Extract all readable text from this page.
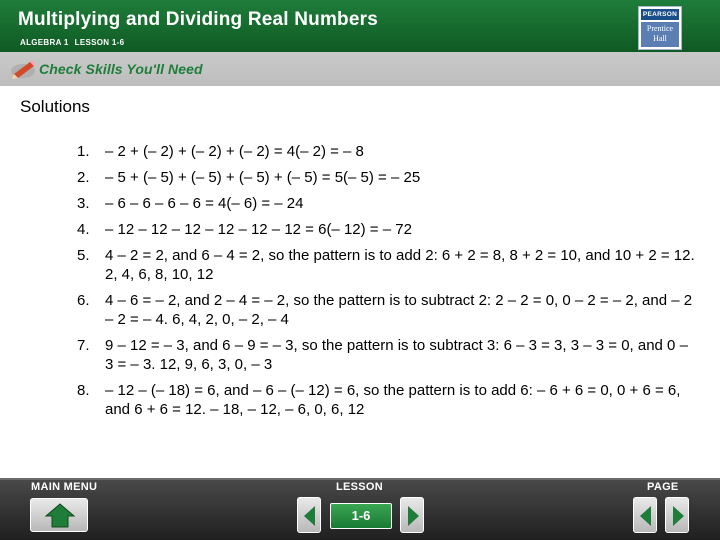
Multiplying and Dividing Real Numbers
ALGEBRA 1 LESSON 1-6
PEARSON
Prentice
Hall
Check Skills You'll Need
Solutions
1.	– 2 + (– 2) + (– 2) + (– 2) = 4(– 2) = – 8
2.	– 5 + (– 5) + (– 5) + (– 5) + (– 5) = 5(– 5) = – 25
3.	– 6 – 6 – 6 – 6 = 4(– 6) = – 24
4.	– 12 – 12 – 12 – 12 – 12 – 12 = 6(– 12) = – 72
5.	4 – 2 = 2, and 6 – 4 = 2, so the pattern is to add 2: 6 + 2 = 8, 8 + 2 = 10, and 10 + 2 = 12. 2, 4, 6, 8, 10, 12
6.	4 – 6 = – 2, and 2 – 4 = – 2, so the pattern is to subtract 2: 2 – 2 = 0, 0 – 2 = – 2, and – 2 – 2 = – 4. 6, 4, 2, 0, – 2, – 4
7.	9 – 12 = – 3, and 6 – 9 = – 3, so the pattern is to subtract 3: 6 – 3 = 3, 3 – 3 = 0, and 0 – 3 = – 3. 12, 9, 6, 3, 0, – 3
8.	– 12 – (– 18) = 6, and – 6 – (– 12) = 6, so the pattern is to add 6: – 6 + 6 = 0, 0 + 6 = 6, and 6 + 6 = 12. – 18, – 12, – 6, 0, 6, 12
MAIN MENU	LESSON	PAGE
1-6
